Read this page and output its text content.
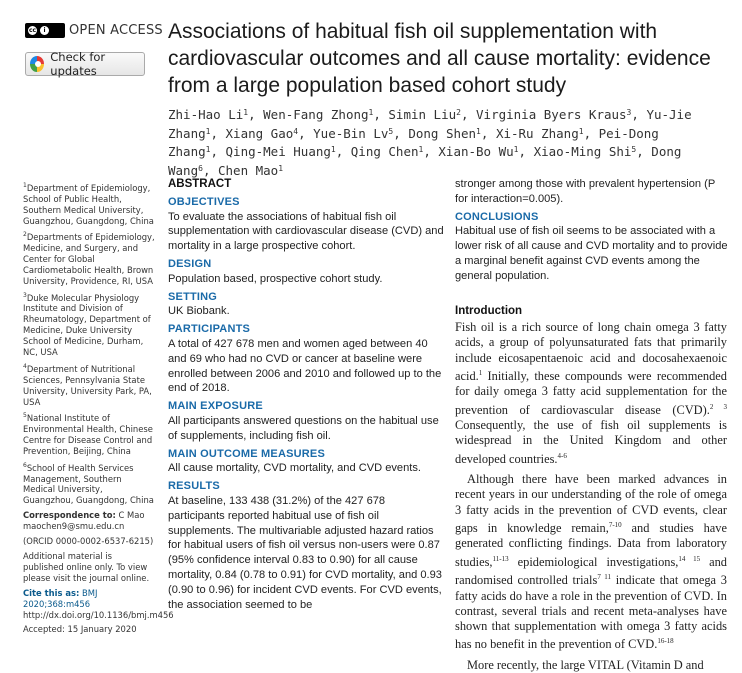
cc	i OPEN ACCESS
Check for updates
Associations of habitual fish oil supplementation with cardiovascular outcomes and all cause mortality: evidence from a large population based cohort study
Zhi-Hao Li$^1$, Wen-Fang Zhong$^1$, Simin Liu$^2$, Virginia Byers Kraus$^3$, Yu-Jie Zhang$^1$, Xiang Gao$^4$, Yue-Bin Lv$^5$, Dong Shen$^1$, Xi-Ru Zhang$^1$, Pei-Dong Zhang$^1$, Qing-Mei Huang$^1$, Qing Chen$^1$, Xian-Bo Wu$^1$, Xiao-Ming Shi$^5$, Dong Wang$^6$, Chen Mao$^1$

$^1$Department of Epidemiology, School of Public Health, Southern Medical University, Guangzhou, Guangdong, China

$^2$Departments of Epidemiology, Medicine, and Surgery, and Center for Global Cardiometabolic Health, Brown University, Providence, RI, USA

$^3$Duke Molecular Physiology Institute and Division of Rheumatology, Department of Medicine, Duke University School of Medicine, Durham, NC, USA

$^4$Department of Nutritional Sciences, Pennsylvania State University, University Park, PA, USA

$^5$National Institute of Environmental Health, Chinese Centre for Disease Control and Prevention, Beijing, China

$^6$School of Health Services Management, Southern Medical University, Guangzhou, Guangdong, China

Correspondence to: C Mao
maochen9@smu.edu.cn

(ORCID 0000-0002-6537-6215)

Additional material is published online only. To view please visit the journal online.

Cite this as: BMJ 2020;368:m456
http://dx.doi.org/10.1136/bmj.m456

Accepted: 15 January 2020

ABSTRACT
OBJECTIVES

To evaluate the associations of habitual fish oil supplementation with cardiovascular disease (CVD) and mortality in a large prospective cohort.

DESIGN

Population based, prospective cohort study.

SETTING

UK Biobank.

PARTICIPANTS

A total of 427 678 men and women aged between 40 and 69 who had no CVD or cancer at baseline were enrolled between 2006 and 2010 and followed up to the end of 2018.

MAIN EXPOSURE

All participants answered questions on the habitual use of supplements, including fish oil.

MAIN OUTCOME MEASURES

All cause mortality, CVD mortality, and CVD events.

RESULTS

At baseline, 133 438 (31.2%) of the 427 678 participants reported habitual use of fish oil supplements. The multivariable adjusted hazard ratios for habitual users of fish oil versus non-users were 0.87 (95% confidence interval 0.83 to 0.90) for all cause mortality, 0.84 (0.78 to 0.91) for CVD mortality, and 0.93 (0.90 to 0.96) for incident CVD events. For CVD events, the association seemed to be

stronger among those with prevalent hypertension (P for interaction=0.005).

CONCLUSIONS

Habitual use of fish oil seems to be associated with a lower risk of all cause and CVD mortality and to provide a marginal benefit against CVD events among the general population.

Introduction

Fish oil is a rich source of long chain omega 3 fatty acids, a group of polyunsaturated fats that primarily include eicosapentaenoic acid and docosahexaenoic acid.$^1$ Initially, these compounds were recommended for daily omega 3 fatty acid supplementation for the prevention of cardiovascular disease (CVD).$^{2 3}$ Consequently, the use of fish oil supplements is widespread in the United Kingdom and other developed countries.$^{4-6}$

Although there have been marked advances in recent years in our understanding of the role of omega 3 fatty acids in the prevention of CVD events, clear gaps in knowledge remain,$^{7-10}$ and studies have generated conflicting findings. Data from laboratory studies,$^{11-13}$ epidemiological investigations,$^{14 15}$ and randomised controlled trials$^{7 11}$ indicate that omega 3 fatty acids do have a role in the prevention of CVD. In contrast, several trials and recent meta-analyses have shown that supplementation with omega 3 fatty acids has no benefit in the prevention of CVD.$^{16-18}$

More recently, the large VITAL (Vitamin D and
